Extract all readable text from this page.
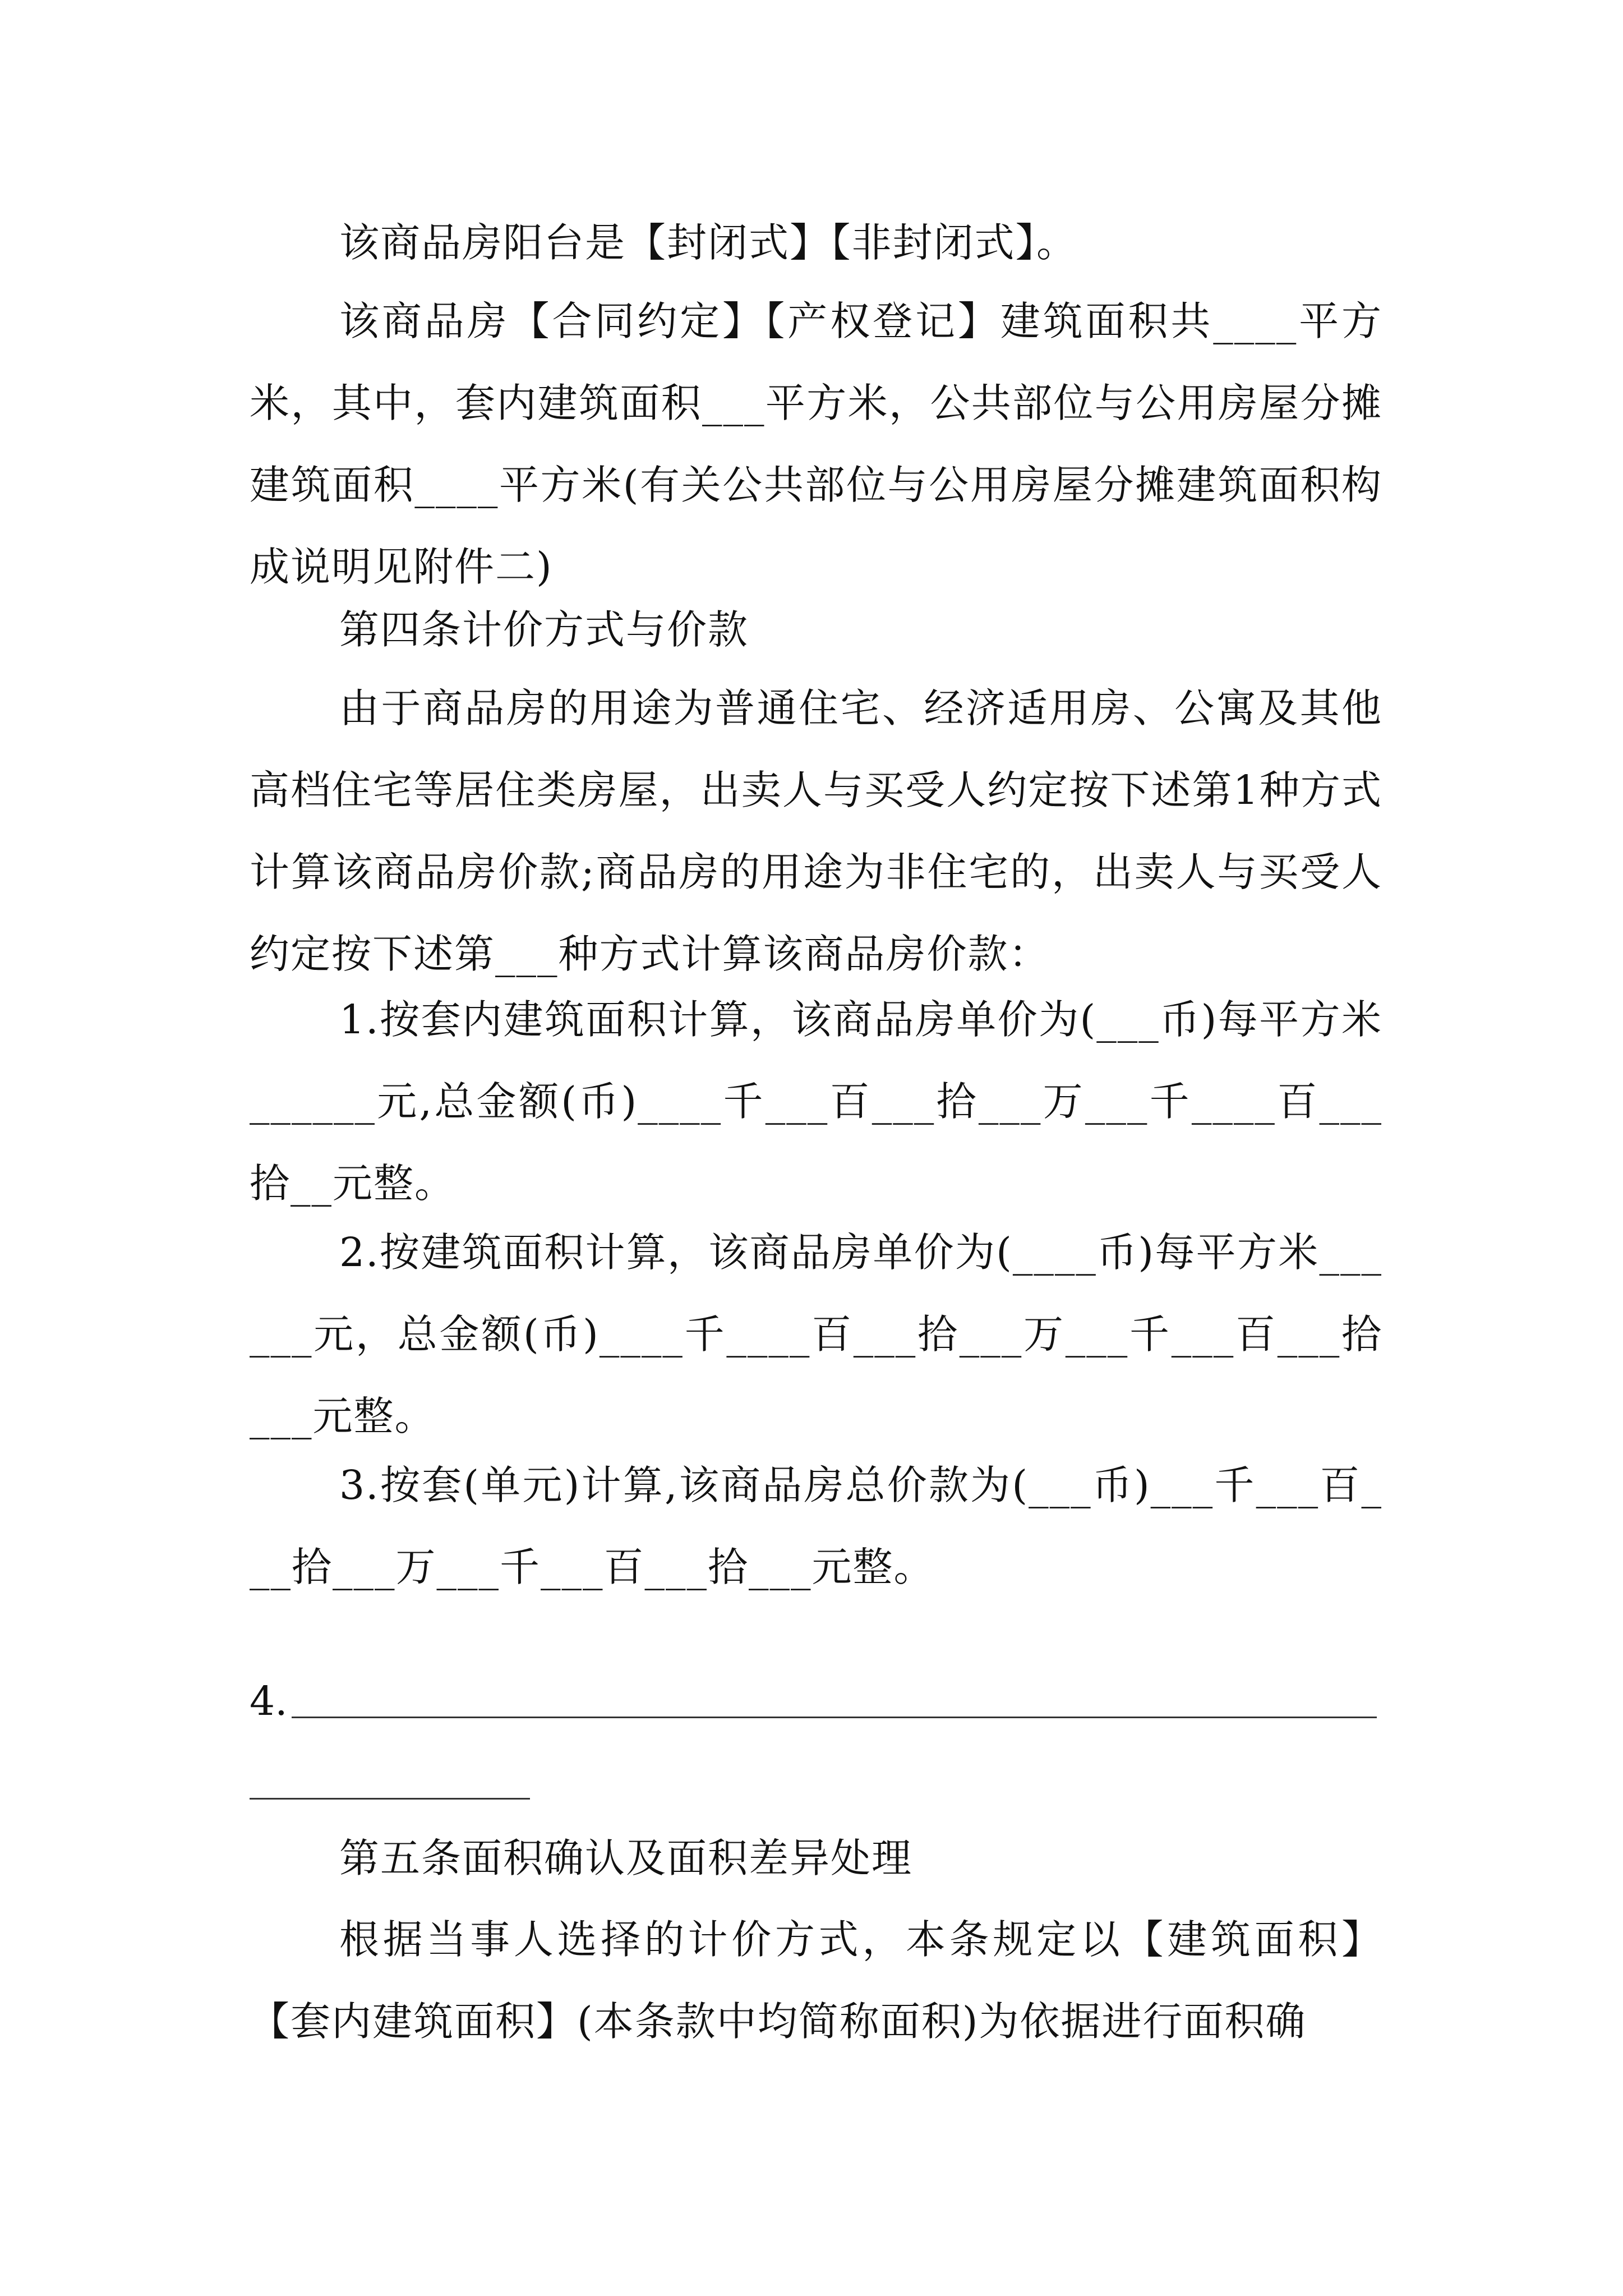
该商品房阳台是【封闭式】【非封闭式】。

该商品房【合同约定】【产权登记】建筑面积共____平方米，其中，套内建筑面积___平方米，公共部位与公用房屋分摊建筑面积____平方米(有关公共部位与公用房屋分摊建筑面积构成说明见附件二)

第四条计价方式与价款

由于商品房的用途为普通住宅、经济适用房、公寓及其他高档住宅等居住类房屋，出卖人与买受人约定按下述第1种方式计算该商品房价款;商品房的用途为非住宅的，出卖人与买受人约定按下述第___种方式计算该商品房价款：

1.按套内建筑面积计算，该商品房单价为(___币)每平方米______元,总金额(币)____千___百___拾___万___千____百___拾__元整。

2.按建筑面积计算，该商品房单价为(____币)每平方米______元，总金额(币)____千____百___拾___万___千___百___拾___元整。

3.按套(单元)计算,该商品房总价款为(___币)___千___百___拾___万___千___百___拾___元整。

4.

第五条面积确认及面积差异处理

根据当事人选择的计价方式，本条规定以【建筑面积】【套内建筑面积】(本条款中均简称面积)为依据进行面积确
